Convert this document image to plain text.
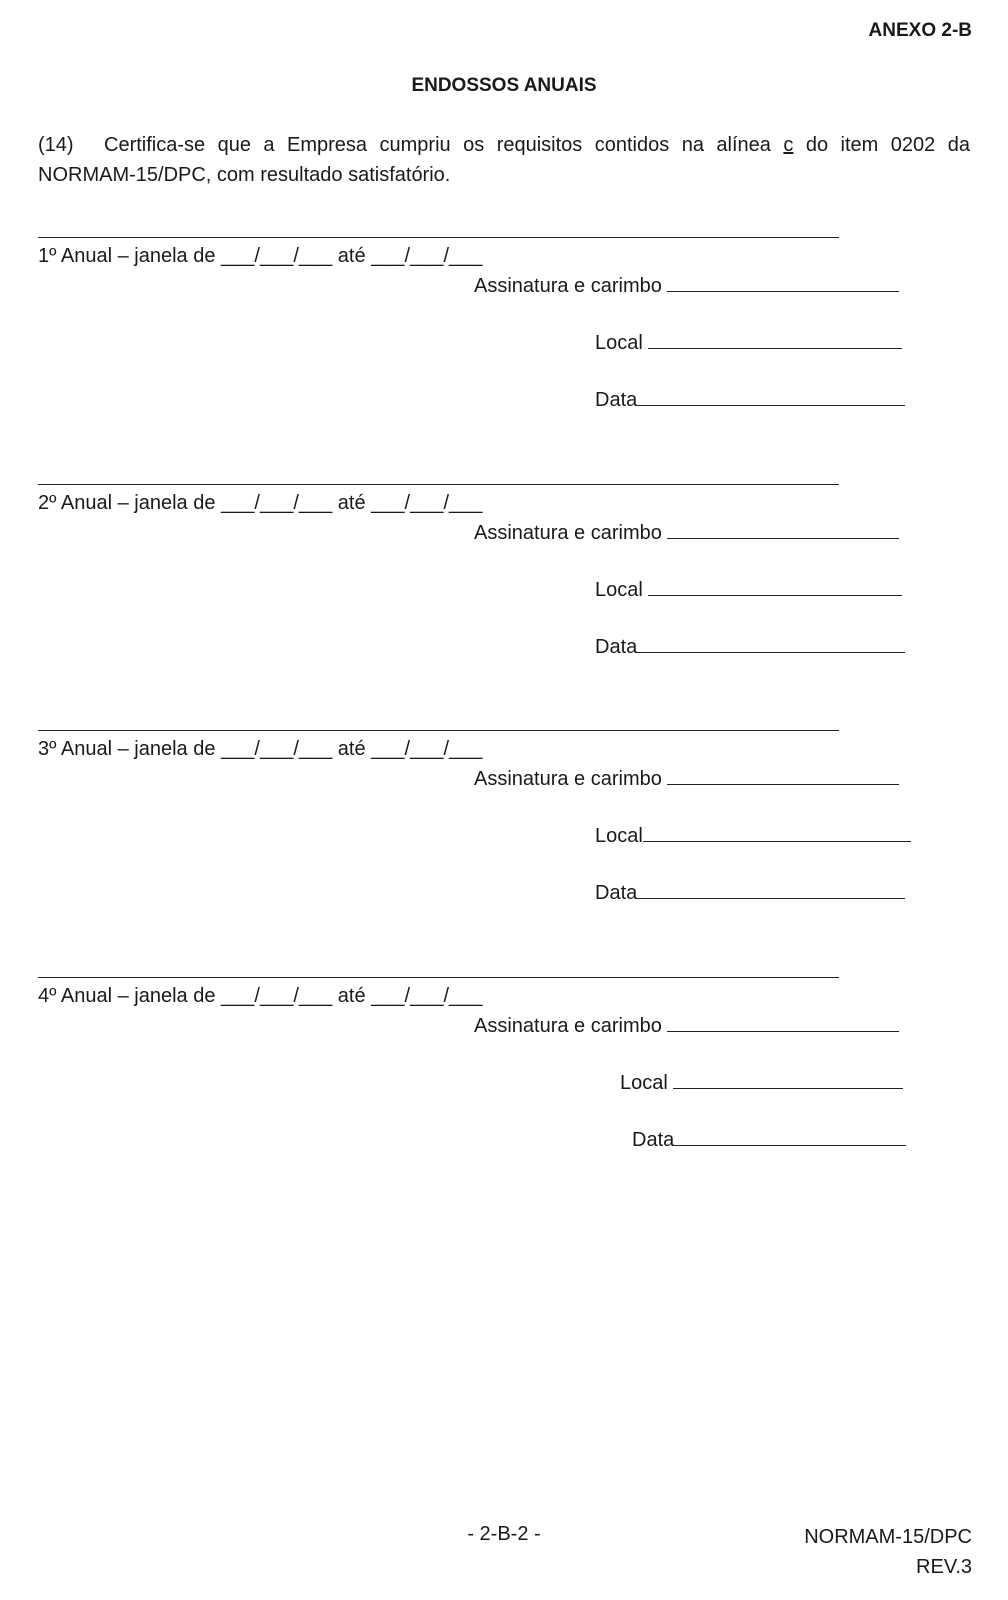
ANEXO 2-B
ENDOSSOS ANUAIS
(14) Certifica-se que a Empresa cumpriu os requisitos contidos na alínea c do item 0202 da NORMAM-15/DPC, com resultado satisfatório.
1º Anual – janela de ___/___/___ até ___/___/___
Assinatura e carimbo
Local
Data
2º Anual – janela de ___/___/___ até ___/___/___
Assinatura e carimbo
Local
Data
3º Anual – janela de ___/___/___ até ___/___/___
Assinatura e carimbo
Local
Data
4º Anual – janela de ___/___/___ até ___/___/___
Assinatura e carimbo
Local
Data
- 2-B-2 -	NORMAM-15/DPC
REV.3
